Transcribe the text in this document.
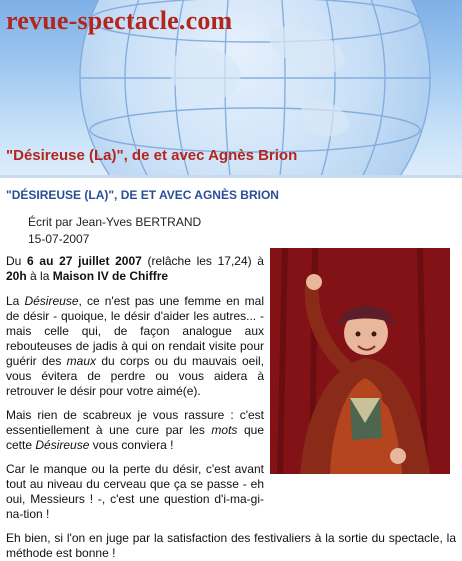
revue-spectacle.com
"Désireuse (La)", de et avec Agnès Brion
"DÉSIREUSE (LA)", DE ET AVEC AGNÈS BRION
Écrit par Jean-Yves BERTRAND
15-07-2007

Du 6 au 27 juillet 2007 (relâche les 17,24) à 20h à la Maison IV de Chiffre

La Désireuse, ce n'est pas une femme en mal de désir - quoique, le désir d'aider les autres... - mais celle qui, de façon analogue aux rebouteuses de jadis à qui on rendait visite pour guérir des maux du corps ou du mauvais oeil, vous évitera de perdre ou vous aidera à retrouver le désir pour votre aimé(e).

Mais rien de scabreux je vous rassure : c'est essentiellement à une cure par les mots que cette Désireuse vous conviera !

Car le manque ou la perte du désir, c'est avant tout au niveau du cerveau que ça se passe - eh oui, Messieurs ! -, c'est une question d'i-ma-gi-na-tion !

Eh bien, si l'on en juge par la satisfaction des festivaliers à la sortie du spectacle, la méthode est bonne !
